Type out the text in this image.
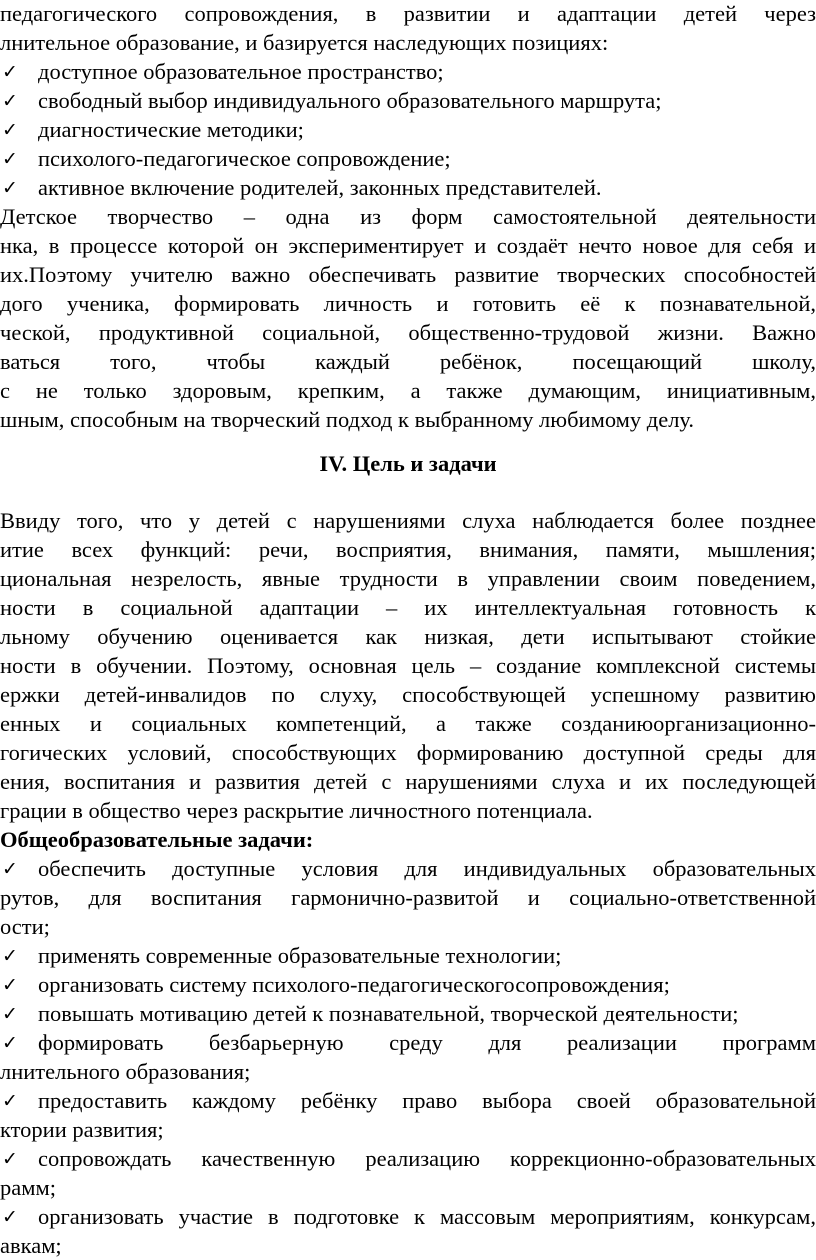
педагогического сопровождения, в развитии и адаптации детей через
лнительное образование, и базируется наследующих позициях:
✓ доступное образовательное пространство;
✓ свободный выбор индивидуального образовательного маршрута;
✓ диагностические методики;
✓ психолого-педагогическое сопровождение;
✓ активное включение родителей, законных представителей.
Детское творчество – одна из форм самостоятельной деятельности
нка, в процессе которой он экспериментирует и создаёт нечто новое для себя и
их.Поэтому учителю важно обеспечивать развитие творческих способностей
дого ученика, формировать личность и готовить её к познавательной,
ческой, продуктивной социальной, общественно-трудовой жизни. Важно
ваться того, чтобы каждый ребёнок, посещающий школу,
с не только здоровым, крепким, а также думающим, инициативным,
шным, способным на творческий подход к выбранному любимому делу.
IV. Цель и задачи
Ввиду того, что у детей с нарушениями слуха наблюдается более позднее
итие всех функций: речи, восприятия, внимания, памяти, мышления;
циональная незрелость, явные трудности в управлении своим поведением,
ности в социальной адаптации – их интеллектуальная готовность к
льному обучению оценивается как низкая, дети испытывают стойкие
ности в обучении. Поэтому, основная цель – создание комплексной системы
ержки детей-инвалидов по слуху, способствующей успешному развитию
енных и социальных компетенций, а также созданиюорганизационно-
гогических условий, способствующих формированию доступной среды для
ения, воспитания и развития детей с нарушениями слуха и их последующей
грации в общество через раскрытие личностного потенциала.
Общеобразовательные задачи:
✓ обеспечить доступные условия для индивидуальных образовательных
рутов, для воспитания гармонично-развитой и социально-ответственной
ости;
✓ применять современные образовательные технологии;
✓ организовать систему психолого-педагогическогосопровождения;
✓ повышать мотивацию детей к познавательной, творческой деятельности;
✓ формировать безбарьерную среду для реализации программ
лнительного образования;
✓ предоставить каждому ребёнку право выбора своей образовательной
ктории развития;
✓ сопровождать качественную реализацию коррекционно-образовательных
рамм;
✓ организовать участие в подготовке к массовым мероприятиям, конкурсам,
авкам;
